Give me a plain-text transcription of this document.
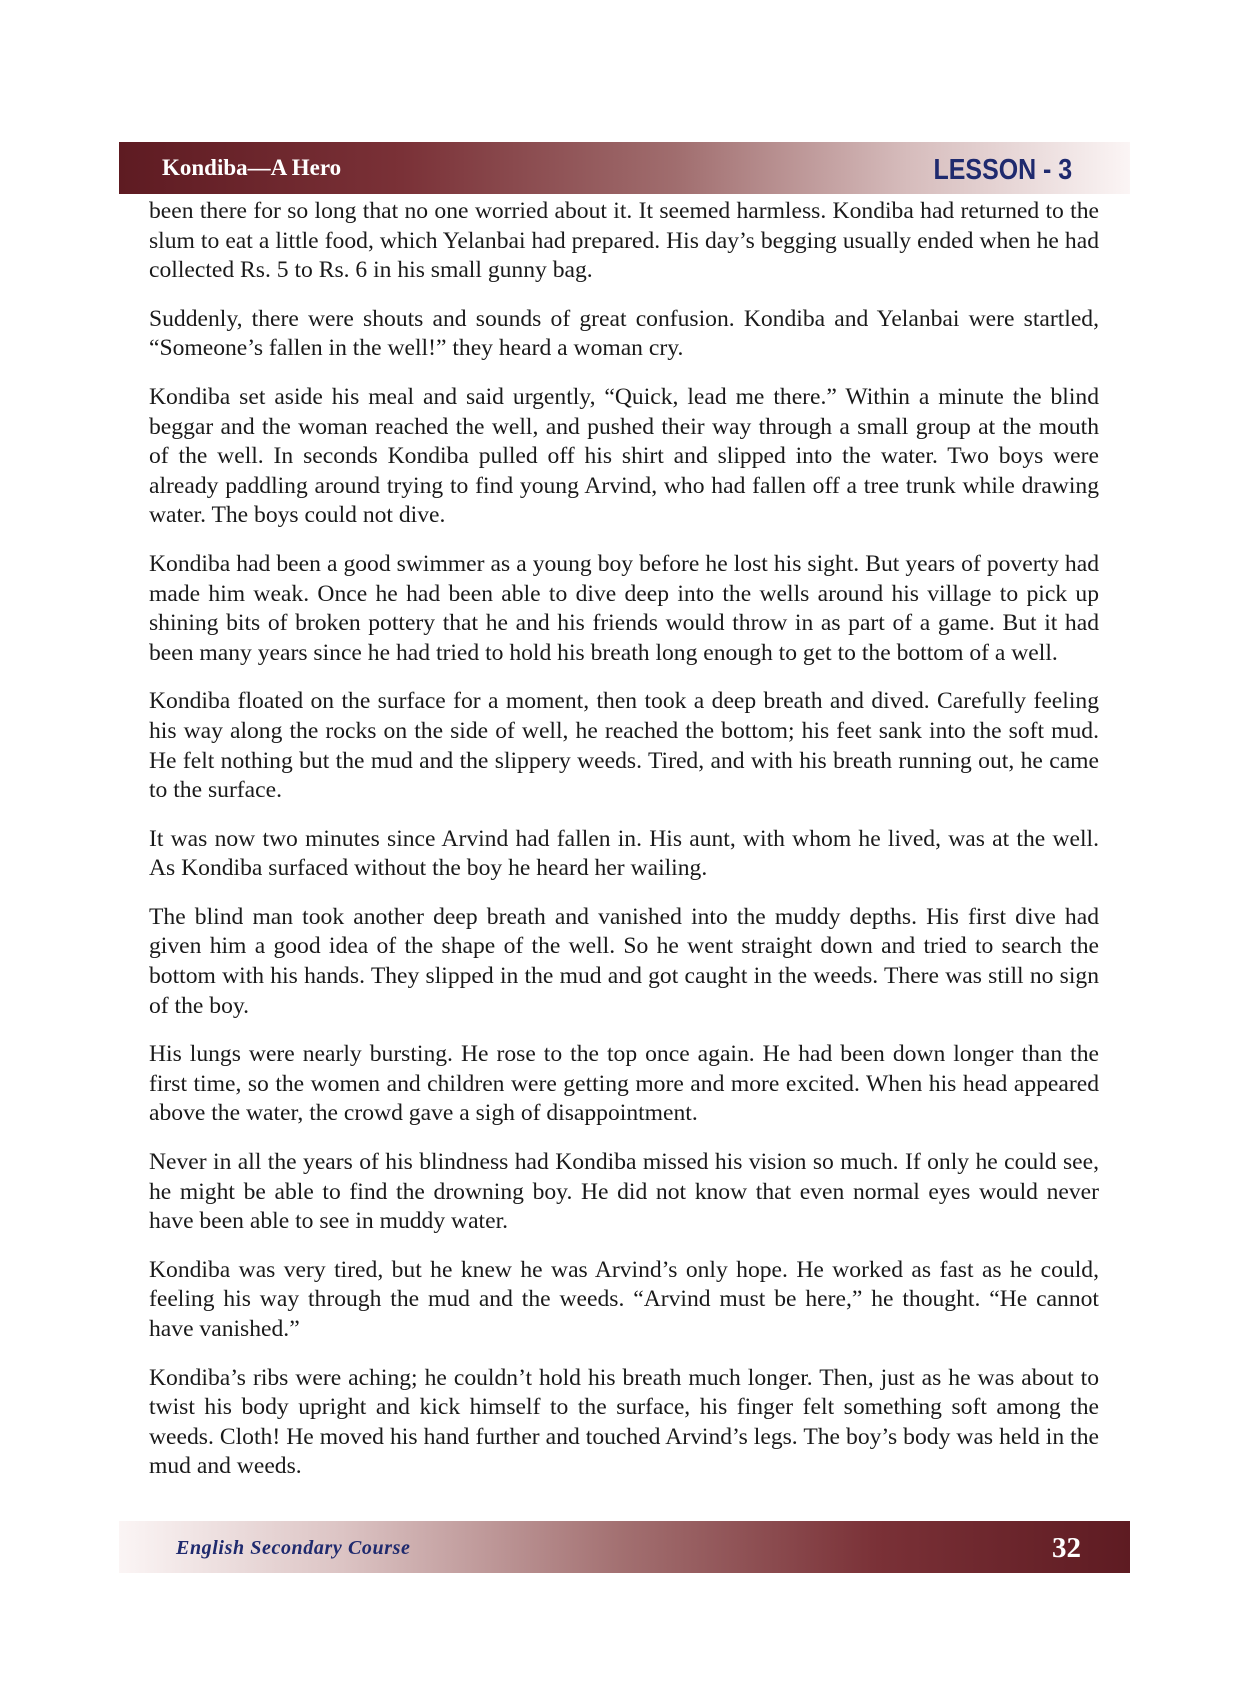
Kondiba—A Hero	LESSON - 3

been there for so long that no one worried about it. It seemed harmless. Kondiba had returned to the slum to eat a little food, which Yelanbai had prepared. His day’s begging usually ended when he had collected Rs. 5 to Rs. 6 in his small gunny bag.

Suddenly, there were shouts and sounds of great confusion. Kondiba and Yelanbai were startled, “Someone’s fallen in the well!” they heard a woman cry.

Kondiba set aside his meal and said urgently, “Quick, lead me there.” Within a minute the blind beggar and the woman reached the well, and pushed their way through a small group at the mouth of the well. In seconds Kondiba pulled off his shirt and slipped into the water. Two boys were already paddling around trying to find young Arvind, who had fallen off a tree trunk while drawing water. The boys could not dive.

Kondiba had been a good swimmer as a young boy before he lost his sight. But years of poverty had made him weak. Once he had been able to dive deep into the wells around his village to pick up shining bits of broken pottery that he and his friends would throw in as part of a game. But it had been many years since he had tried to hold his breath long enough to get to the bottom of a well.

Kondiba floated on the surface for a moment, then took a deep breath and dived. Carefully feeling his way along the rocks on the side of well, he reached the bottom; his feet sank into the soft mud. He felt nothing but the mud and the slippery weeds. Tired, and with his breath running out, he came to the surface.

It was now two minutes since Arvind had fallen in. His aunt, with whom he lived, was at the well. As Kondiba surfaced without the boy he heard her wailing.

The blind man took another deep breath and vanished into the muddy depths. His first dive had given him a good idea of the shape of the well. So he went straight down and tried to search the bottom with his hands. They slipped in the mud and got caught in the weeds. There was still no sign of the boy.

His lungs were nearly bursting. He rose to the top once again. He had been down longer than the first time, so the women and children were getting more and more excited. When his head appeared above the water, the crowd gave a sigh of disappointment.

Never in all the years of his blindness had Kondiba missed his vision so much. If only he could see, he might be able to find the drowning boy. He did not know that even normal eyes would never have been able to see in muddy water.

Kondiba was very tired, but he knew he was Arvind’s only hope. He worked as fast as he could, feeling his way through the mud and the weeds. “Arvind must be here,” he thought. “He cannot have vanished.”

Kondiba’s ribs were aching; he couldn’t hold his breath much longer. Then, just as he was about to twist his body upright and kick himself to the surface, his finger felt something soft among the weeds. Cloth! He moved his hand further and touched Arvind’s legs. The boy’s body was held in the mud and weeds.

English Secondary Course	32
